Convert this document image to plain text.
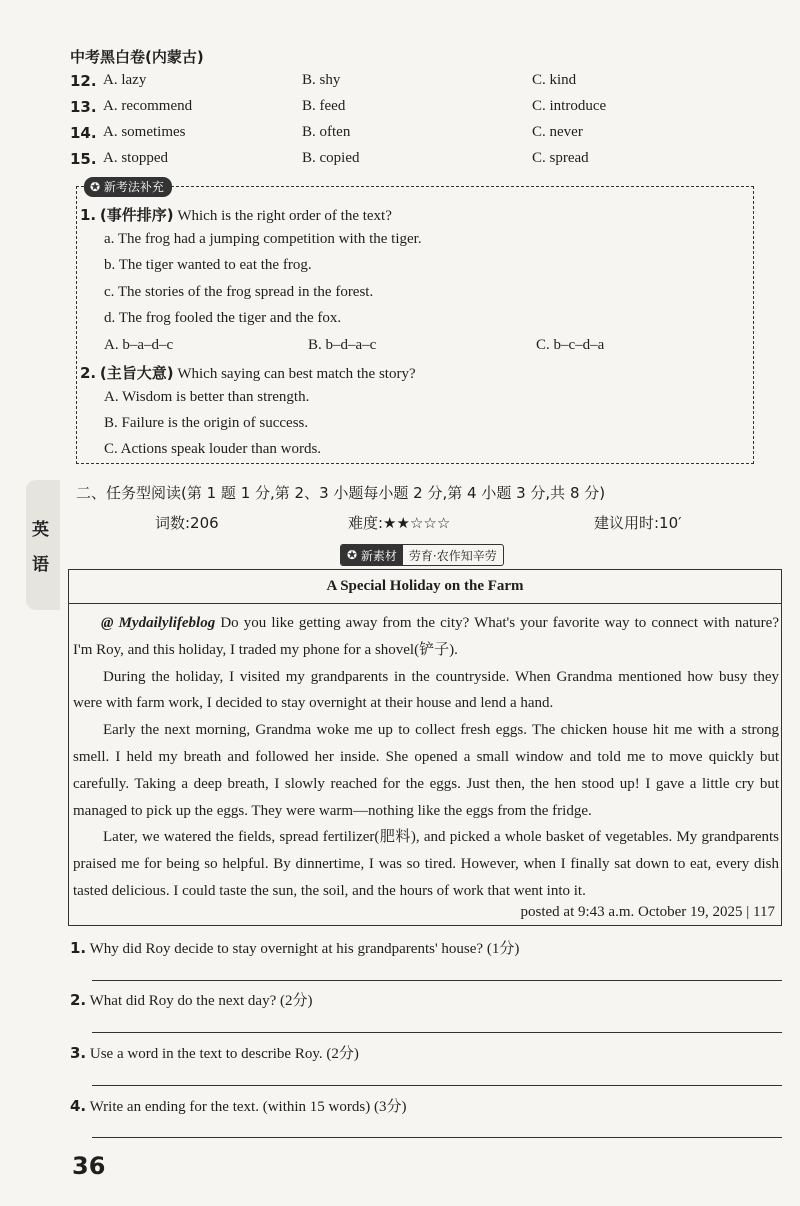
中考黑白卷(内蒙古)
12. A. lazy	B. shy	C. kind
13. A. recommend	B. feed	C. introduce
14. A. sometimes	B. often	C. never
15. A. stopped	B. copied	C. spread
✪ 新考法补充
1. (事件排序) Which is the right order of the text?
a. The frog had a jumping competition with the tiger.
b. The tiger wanted to eat the frog.
c. The stories of the frog spread in the forest.
d. The frog fooled the tiger and the fox.
A. b–a–d–c	B. b–d–a–c	C. b–c–d–a
2. (主旨大意) Which saying can best match the story?
A. Wisdom is better than strength.
B. Failure is the origin of success.
C. Actions speak louder than words.
英
语
二、任务型阅读(第 1 题 1 分,第 2、3 小题每小题 2 分,第 4 小题 3 分,共 8 分)
词数:206	难度:★★☆☆☆	建议用时:10′
✪ 新素材	劳育·农作知辛劳
A Special Holiday on the Farm

@ Mydailylifeblog Do you like getting away from the city? What's your favorite way to connect with nature? I'm Roy, and this holiday, I traded my phone for a shovel(铲子).

During the holiday, I visited my grandparents in the countryside. When Grandma mentioned how busy they were with farm work, I decided to stay overnight at their house and lend a hand.

Early the next morning, Grandma woke me up to collect fresh eggs. The chicken house hit me with a strong smell. I held my breath and followed her inside. She opened a small window and told me to move quickly but carefully. Taking a deep breath, I slowly reached for the eggs. Just then, the hen stood up! I gave a little cry but managed to pick up the eggs. They were warm—nothing like the eggs from the fridge.

Later, we watered the fields, spread fertilizer(肥料), and picked a whole basket of vegetables. My grandparents praised me for being so helpful. By dinnertime, I was so tired. However, when I finally sat down to eat, every dish tasted delicious. I could taste the sun, the soil, and the hours of work that went into it.

posted at 9:43 a.m. October 19, 2025 | 117
1. Why did Roy decide to stay overnight at his grandparents' house? (1分)
2. What did Roy do the next day? (2分)
3. Use a word in the text to describe Roy. (2分)
4. Write an ending for the text. (within 15 words) (3分)
36
